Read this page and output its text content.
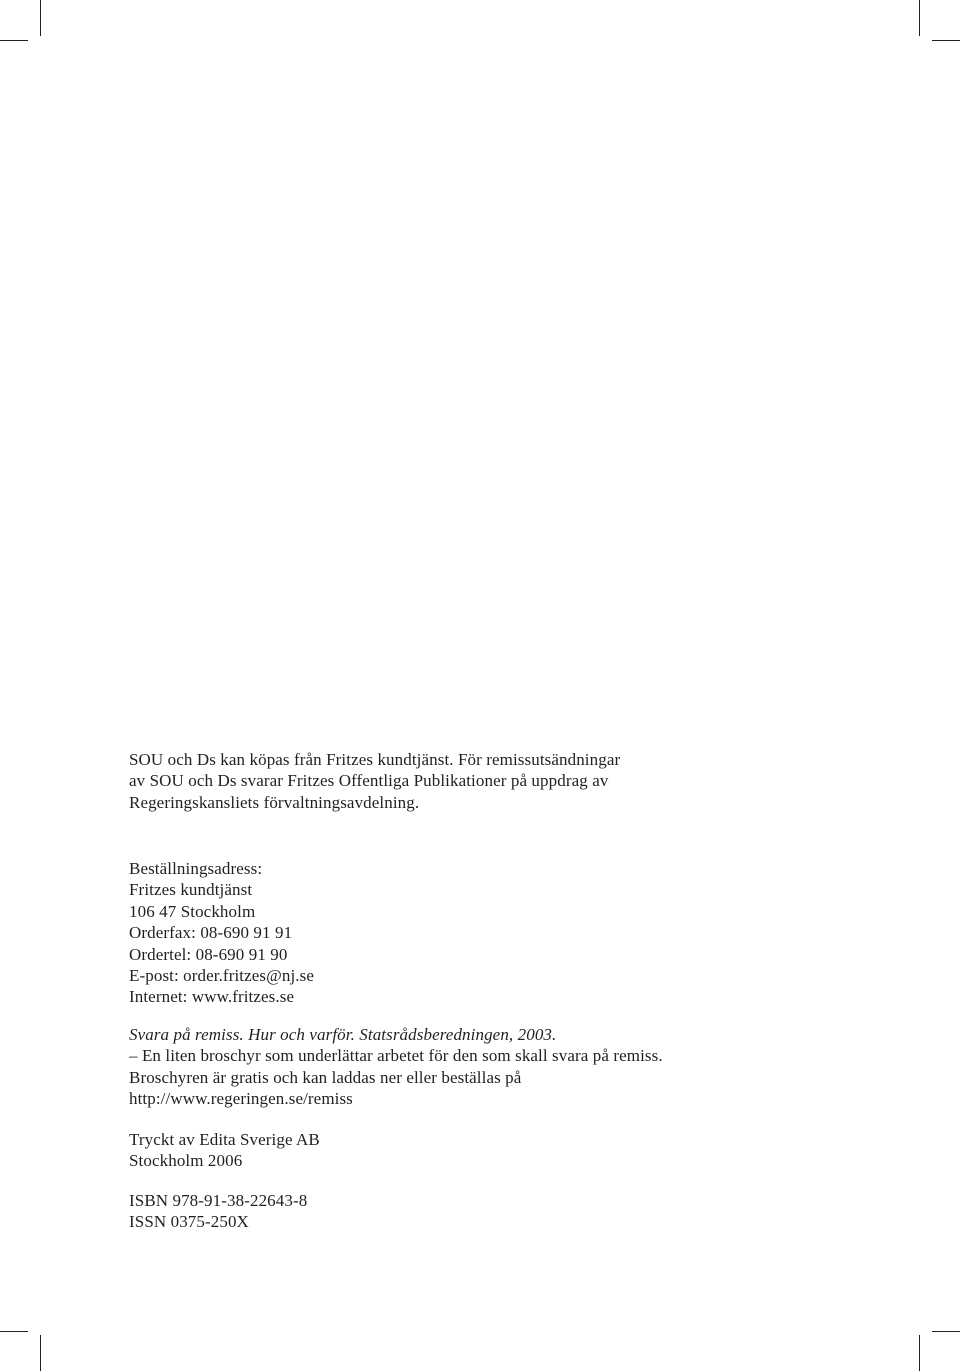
SOU och Ds kan köpas från Fritzes kundtjänst. För remissutsändningar

av SOU och Ds svarar Fritzes Offentliga Publikationer på uppdrag av

Regeringskansliets förvaltningsavdelning.

Beställningsadress:

Fritzes kundtjänst

106 47 Stockholm

Orderfax: 08-690 91 91

Ordertel: 08-690 91 90

E-post: order.fritzes@nj.se

Internet: www.fritzes.se

Svara på remiss. Hur och varför. Statsrådsberedningen, 2003.

– En liten broschyr som underlättar arbetet för den som skall svara på remiss.

Broschyren är gratis och kan laddas ner eller beställas på

http://www.regeringen.se/remiss

Tryckt av Edita Sverige AB

Stockholm 2006

ISBN 978-91-38-22643-8

ISSN 0375-250X
